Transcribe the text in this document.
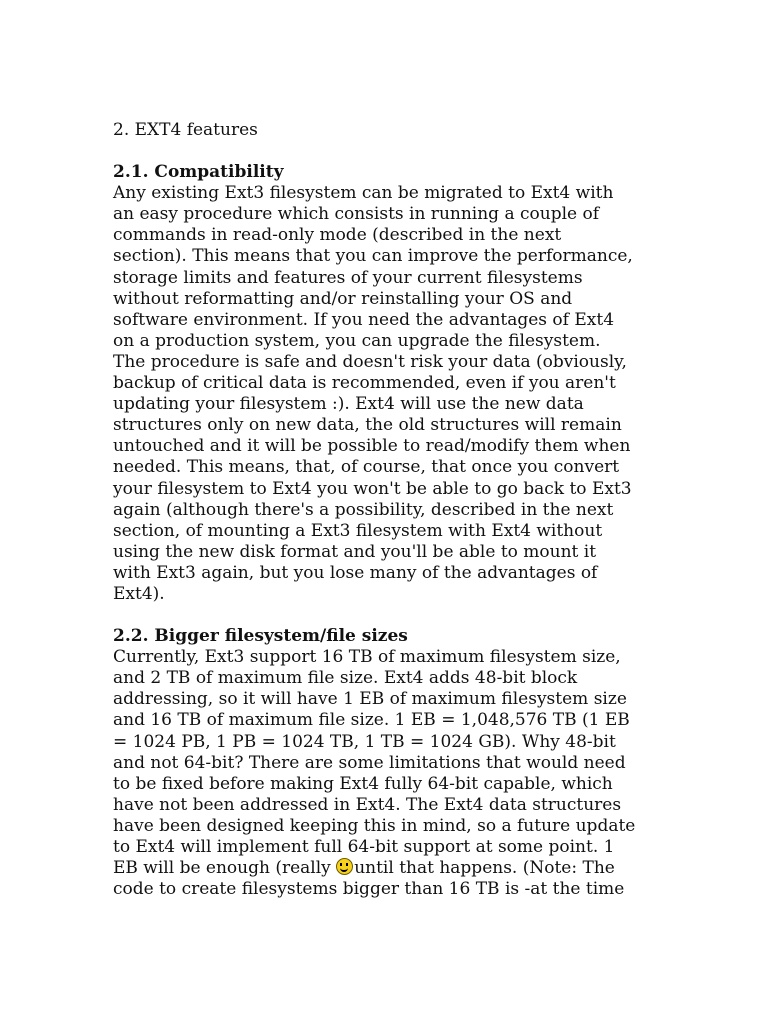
2. EXT4 features

2.1. Compatibility

Any existing Ext3 filesystem can be migrated to Ext4 with
an easy procedure which consists in running a couple of
commands in read-only mode (described in the next
section). This means that you can improve the performance,
storage limits and features of your current filesystems
without reformatting and/or reinstalling your OS and
software environment. If you need the advantages of Ext4
on a production system, you can upgrade the filesystem.
The procedure is safe and doesn't risk your data (obviously,
backup of critical data is recommended, even if you aren't
updating your filesystem :). Ext4 will use the new data
structures only on new data, the old structures will remain
untouched and it will be possible to read/modify them when
needed. This means, that, of course, that once you convert
your filesystem to Ext4 you won't be able to go back to Ext3
again (although there's a possibility, described in the next
section, of mounting a Ext3 filesystem with Ext4 without
using the new disk format and you'll be able to mount it
with Ext3 again, but you lose many of the advantages of
Ext4).

2.2. Bigger filesystem/file sizes

Currently, Ext3 support 16 TB of maximum filesystem size,
and 2 TB of maximum file size. Ext4 adds 48-bit block
addressing, so it will have 1 EB of maximum filesystem size
and 16 TB of maximum file size. 1 EB = 1,048,576 TB (1 EB
= 1024 PB, 1 PB = 1024 TB, 1 TB = 1024 GB). Why 48-bit
and not 64-bit? There are some limitations that would need
to be fixed before making Ext4 fully 64-bit capable, which
have not been addressed in Ext4. The Ext4 data structures
have been designed keeping this in mind, so a future update
to Ext4 will implement full 64-bit support at some point. 1
EB will be enough (really until that happens. (Note: The
code to create filesystems bigger than 16 TB is -at the time
